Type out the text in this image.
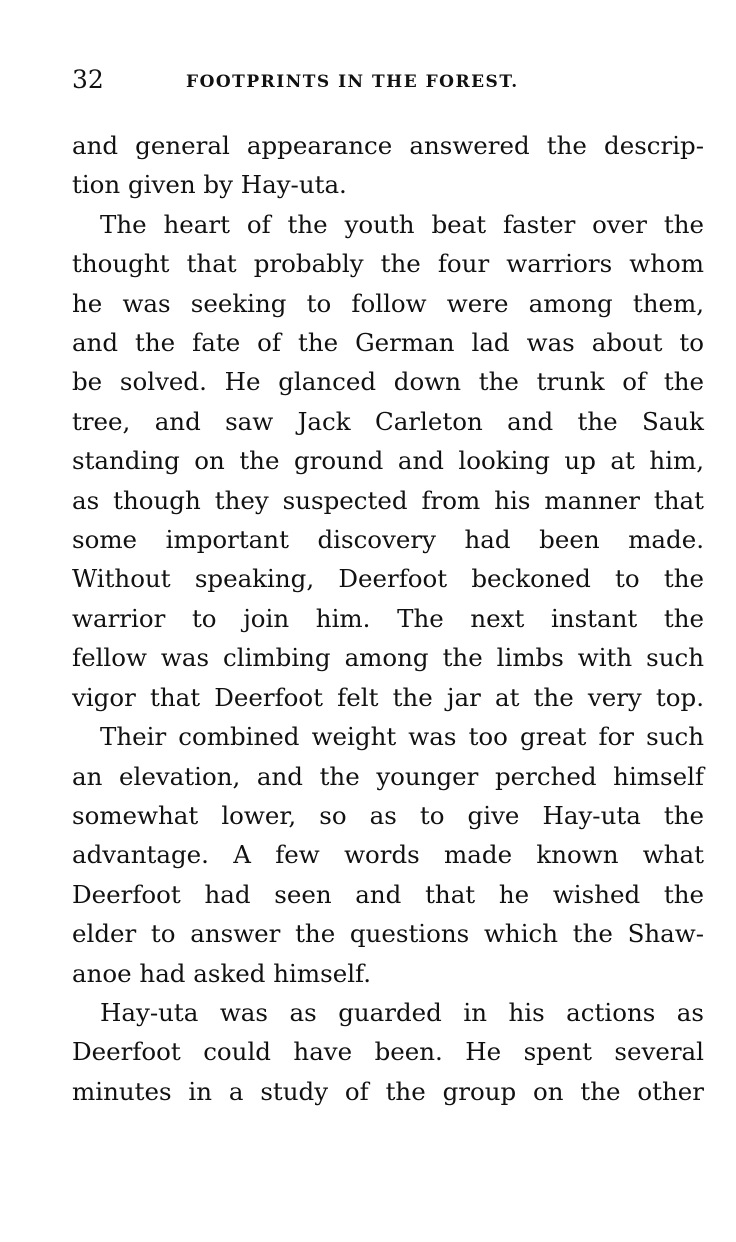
32	FOOTPRINTS IN THE FOREST.
and general appearance answered the descrip-
tion given by Hay-uta.
The heart of the youth beat faster over the
thought that probably the four warriors whom
he was seeking to follow were among them,
and the fate of the German lad was about to
be solved. He glanced down the trunk of the
tree, and saw Jack Carleton and the Sauk
standing on the ground and looking up at him,
as though they suspected from his manner that
some important discovery had been made.
Without speaking, Deerfoot beckoned to the
warrior to join him. The next instant the
fellow was climbing among the limbs with such
vigor that Deerfoot felt the jar at the very top.
Their combined weight was too great for such
an elevation, and the younger perched himself
somewhat lower, so as to give Hay-uta the
advantage. A few words made known what
Deerfoot had seen and that he wished the
elder to answer the questions which the Shaw-
anoe had asked himself.
Hay-uta was as guarded in his actions as
Deerfoot could have been. He spent several
minutes in a study of the group on the other
